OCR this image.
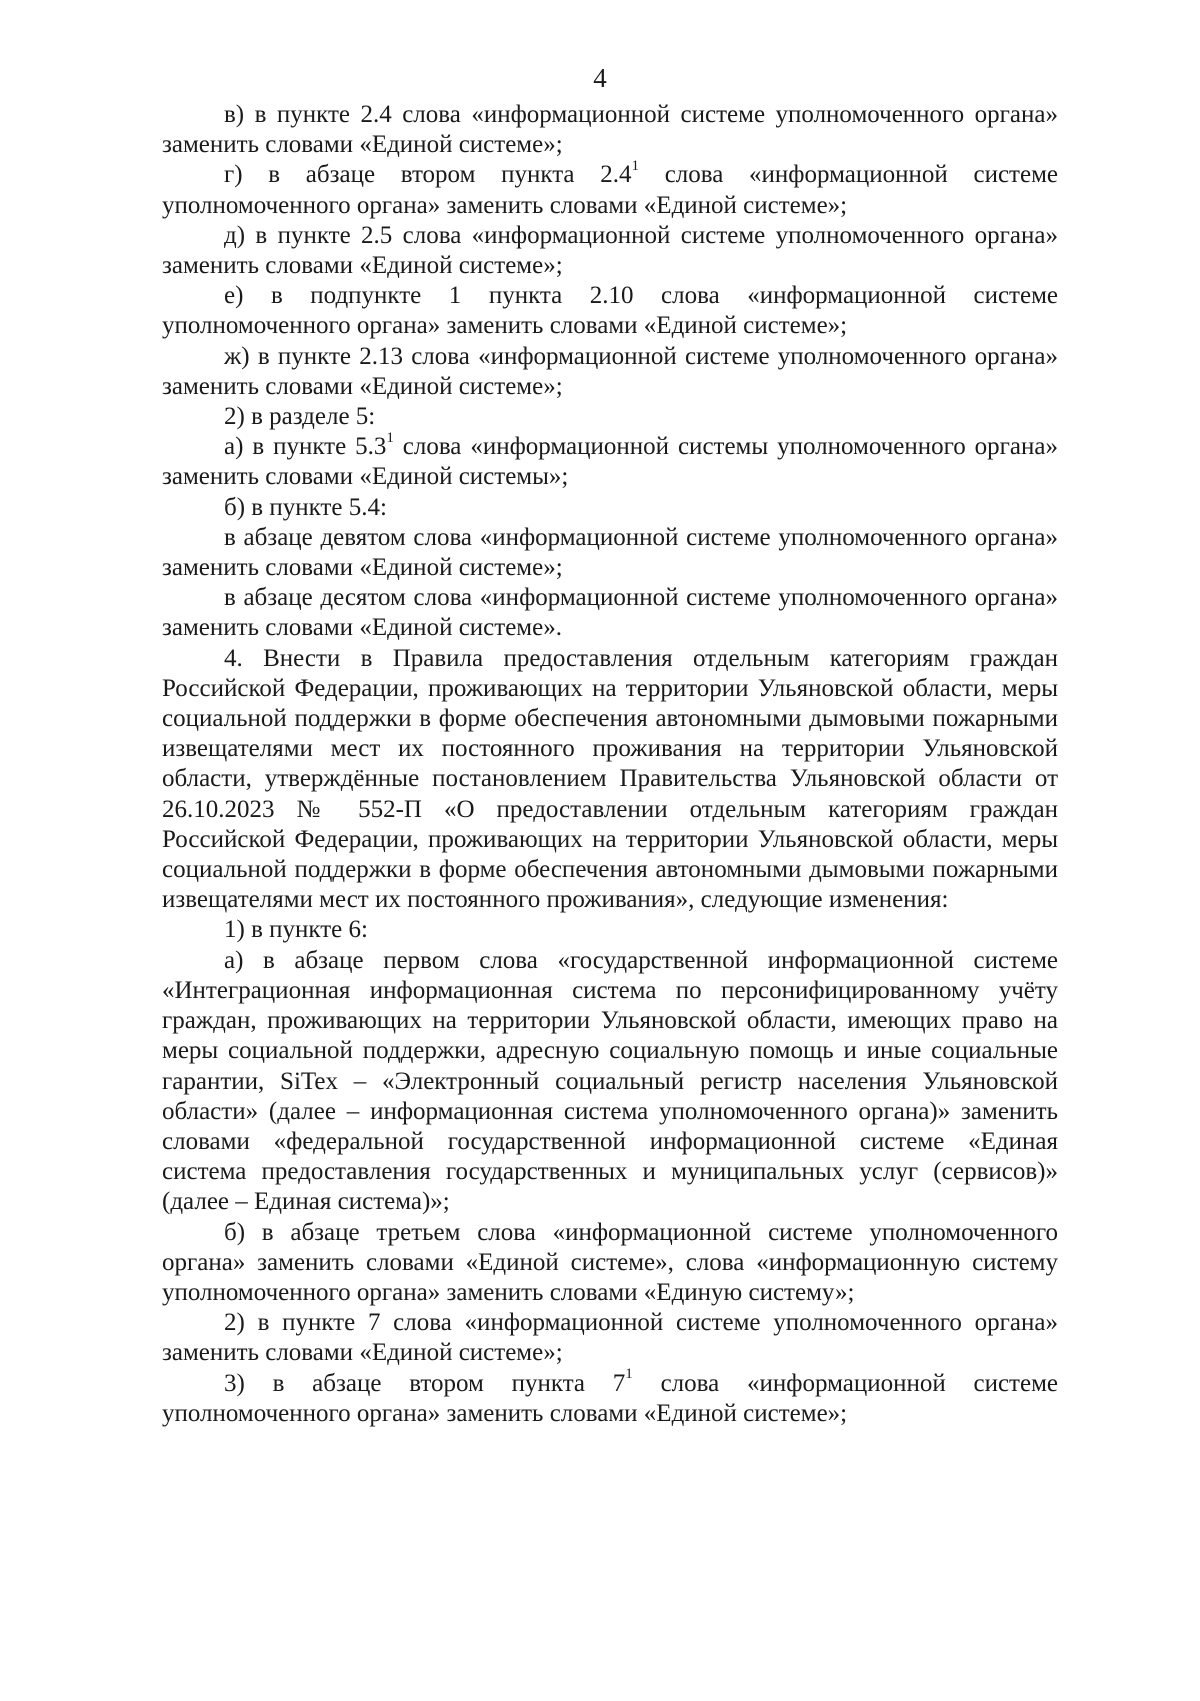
4

в) в пункте 2.4 слова «информационной системе уполномоченного органа» заменить словами «Единой системе»;

г) в абзаце втором пункта $2.4^1$ слова «информационной системе уполномоченного органа» заменить словами «Единой системе»;

д) в пункте 2.5 слова «информационной системе уполномоченного органа» заменить словами «Единой системе»;

е) в подпункте 1 пункта 2.10 слова «информационной системе уполномоченного органа» заменить словами «Единой системе»;

ж) в пункте 2.13 слова «информационной системе уполномоченного органа» заменить словами «Единой системе»;

2) в разделе 5:

а) в пункте $5.3^1$ слова «информационной системы уполномоченного органа» заменить словами «Единой системы»;

б) в пункте 5.4:

в абзаце девятом слова «информационной системе уполномоченного органа» заменить словами «Единой системе»;

в абзаце десятом слова «информационной системе уполномоченного органа» заменить словами «Единой системе».

4. Внести в Правила предоставления отдельным категориям граждан Российской Федерации, проживающих на территории Ульяновской области, меры социальной поддержки в форме обеспечения автономными дымовыми пожарными извещателями мест их постоянного проживания на территории Ульяновской области, утверждённые постановлением Правительства Ульяновской области от 26.10.2023 № 552-П «О предоставлении отдельным категориям граждан Российской Федерации, проживающих на территории Ульяновской области, меры социальной поддержки в форме обеспечения автономными дымовыми пожарными извещателями мест их постоянного проживания», следующие изменения:

1) в пункте 6:

а) в абзаце первом слова «государственной информационной системе «Интеграционная информационная система по персонифицированному учёту граждан, проживающих на территории Ульяновской области, имеющих право на меры социальной поддержки, адресную социальную помощь и иные социальные гарантии, SiTex – «Электронный социальный регистр населения Ульяновской области» (далее – информационная система уполномоченного органа)» заменить словами «федеральной государственной информационной системе «Единая система предоставления государственных и муниципальных услуг (сервисов)» (далее – Единая система)»;

б) в абзаце третьем слова «информационной системе уполномоченного органа» заменить словами «Единой системе», слова «информационную систему уполномоченного органа» заменить словами «Единую систему»;

2) в пункте 7 слова «информационной системе уполномоченного органа» заменить словами «Единой системе»;

3) в абзаце втором пункта $7^1$ слова «информационной системе уполномоченного органа» заменить словами «Единой системе»;
